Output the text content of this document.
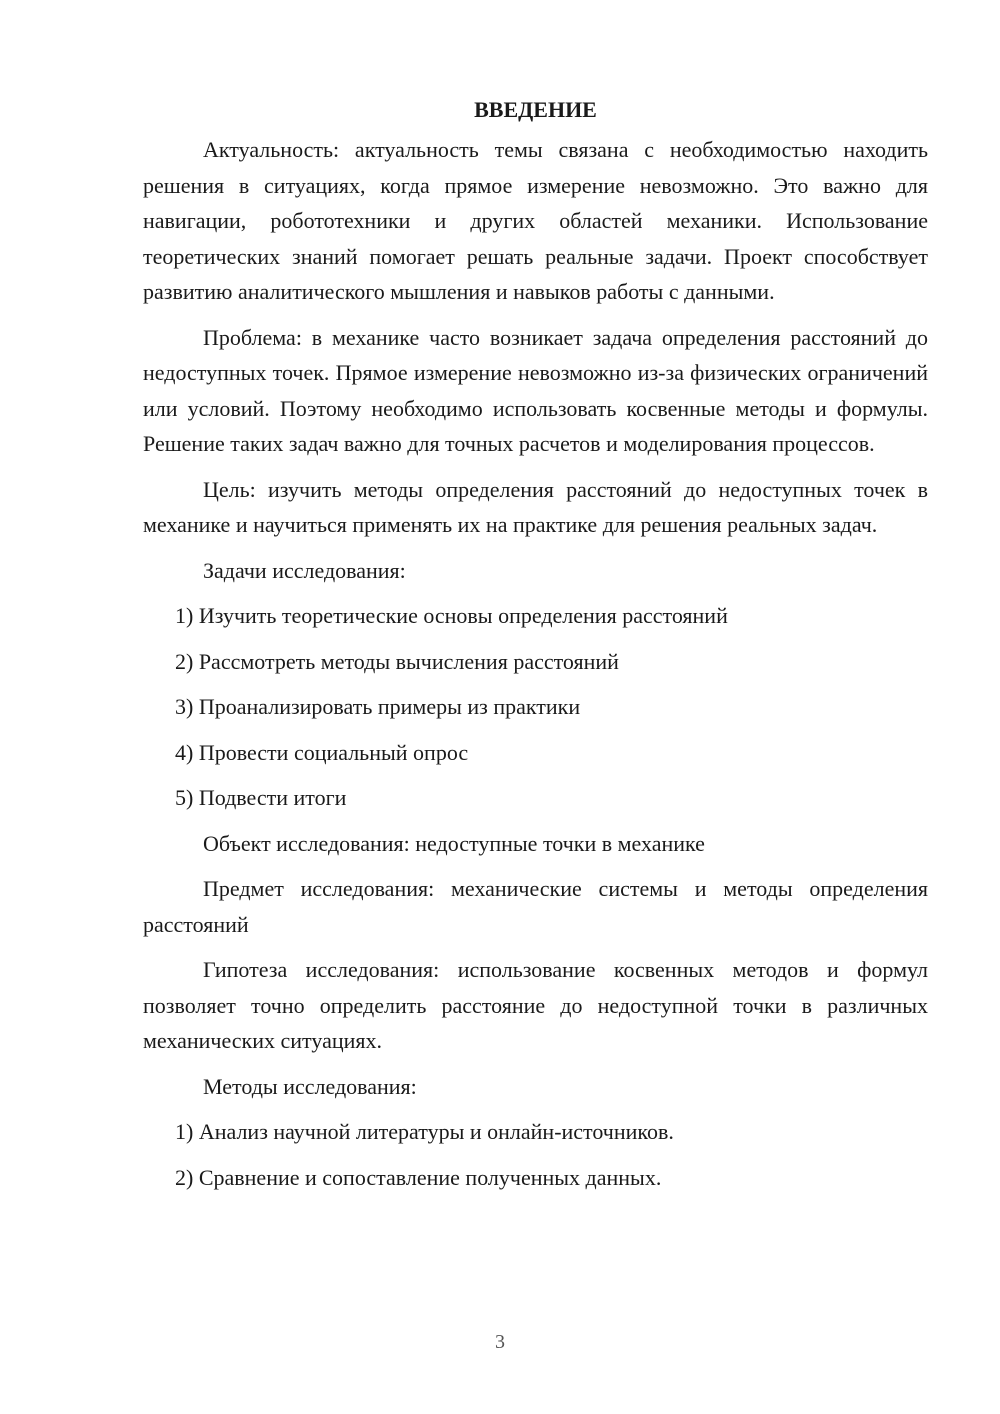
ВВЕДЕНИЕ

Актуальность: актуальность темы связана с необходимостью находить решения в ситуациях, когда прямое измерение невозможно. Это важно для навигации, робототехники и других областей механики. Использование теоретических знаний помогает решать реальные задачи. Проект способствует развитию аналитического мышления и навыков работы с данными.

Проблема: в механике часто возникает задача определения расстояний до недоступных точек. Прямое измерение невозможно из-за физических ограничений или условий. Поэтому необходимо использовать косвенные методы и формулы. Решение таких задач важно для точных расчетов и моделирования процессов.

Цель: изучить методы определения расстояний до недоступных точек в механике и научиться применять их на практике для решения реальных задач.

Задачи исследования:

1) Изучить теоретические основы определения расстояний
2) Рассмотреть методы вычисления расстояний
3) Проанализировать примеры из практики
4) Провести социальный опрос
5) Подвести итоги

Объект исследования: недоступные точки в механике

Предмет исследования: механические системы и методы определения расстояний

Гипотеза исследования: использование косвенных методов и формул позволяет точно определить расстояние до недоступной точки в различных механических ситуациях.

Методы исследования:

1) Анализ научной литературы и онлайн-источников.
2) Сравнение и сопоставление полученных данных.
3
